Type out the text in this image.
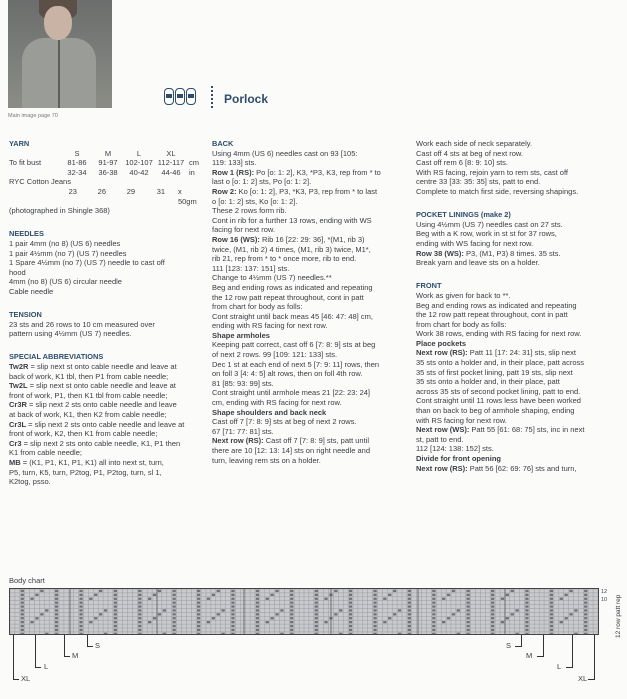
Main image page 70
Porlock
YARN
S	M	L	XL
To fit bust	81-86	91-97	102-107 112-117 cm
32-34	36-38	40-42	44-46	in
RYC Cotton Jeans
23	26	29	31	x 50gm
(photographed in Shingle 368)
NEEDLES
1 pair 4mm (no 8) (US 6) needles
1 pair 4½mm (no 7) (US 7) needles
1 Spare 4½mm (no 7) (US 7) needle to cast off
hood
4mm (no 8) (US 6) circular needle
Cable needle
TENSION
23 sts and 26 rows to 10 cm measured over
pattern using 4½mm (US 7) needles.
SPECIAL ABBREVIATIONS
Tw2R = slip next st onto cable needle and leave at
back of work, K1 tbl, then P1 from cable needle;
Tw2L = slip next st onto cable needle and leave at
front of work, P1, then K1 tbl from cable needle;
Cr3R = slip next 2 sts onto cable needle and leave
at back of work, K1, then K2 from cable needle;
Cr3L = slip next 2 sts onto cable needle and leave at
front of work, K2, then K1 from cable needle;
Cr3 = slip next 2 sts onto cable needle, K1, P1 then
K1 from cable needle;
MB = (K1, P1, K1, P1, K1) all into next st, turn,
P5, turn, K5, turn, P2tog, P1, P2tog, turn, sl 1,
K2tog, psso.
BACK
Using 4mm (US 6) needles cast on 93 [105:
119: 133] sts.
Row 1 (RS): Po [o: 1: 2], K3, *P3, K3, rep from * to
last o [o: 1: 2] sts, Po [o: 1: 2].
Row 2: Ko [o: 1: 2], P3, *K3, P3, rep from * to last
o [o: 1: 2] sts, Ko [o: 1: 2].
These 2 rows form rib.
Cont in rib for a further 13 rows, ending with WS
facing for next row.
Row 16 (WS): Rib 16 [22: 29: 36], *(M1, rib 3)
twice, (M1, rib 2) 4 times, (M1, rib 3) twice, M1*,
rib 21, rep from * to * once more, rib to end.
111 [123: 137: 151] sts.
Change to 4½mm (US 7) needles.**
Beg and ending rows as indicated and repeating
the 12 row patt repeat throughout, cont in patt
from chart for body as folls:
Cont straight until back meas 45 [46: 47: 48] cm,
ending with RS facing for next row.
Shape armholes
Keeping patt correct, cast off 6 [7: 8: 9] sts at beg
of next 2 rows. 99 [109: 121: 133] sts.
Dec 1 st at each end of next 5 [7: 9: 11] rows, then
on foll 3 [4: 4: 5] alt rows, then on foll 4th row.
81 [85: 93: 99] sts.
Cont straight until armhole meas 21 [22: 23: 24]
cm, ending with RS facing for next row.
Shape shoulders and back neck
Cast off 7 [7: 8: 9] sts at beg of next 2 rows.
67 [71: 77: 81] sts.
Next row (RS): Cast off 7 [7: 8: 9] sts, patt until
there are 10 [12: 13: 14] sts on right needle and
turn, leaving rem sts on a holder.
Work each side of neck separately.
Cast off 4 sts at beg of next row.
Cast off rem 6 [8: 9: 10] sts.
With RS facing, rejoin yarn to rem sts, cast off
centre 33 [33: 35: 35] sts, patt to end.
Complete to match first side, reversing shapings.
POCKET LININGS (make 2)
Using 4½mm (US 7) needles cast on 27 sts.
Beg with a K row, work in st st for 37 rows,
ending with WS facing for next row.
Row 38 (WS): P3, (M1, P3) 8 times. 35 sts.
Break yarn and leave sts on a holder.
FRONT
Work as given for back to **.
Beg and ending rows as indicated and repeating
the 12 row patt repeat throughout, cont in patt
from chart for body as folls:
Work 38 rows, ending with RS facing for next row.
Place pockets
Next row (RS): Patt 11 [17: 24: 31] sts, slip next
35 sts onto a holder and, in their place, patt across
35 sts of first pocket lining, patt 19 sts, slip next
35 sts onto a holder and, in their place, patt
across 35 sts of second pocket lining, patt to end.
Cont straight until 11 rows less have been worked
than on back to beg of armhole shaping, ending
with RS facing for next row.
Next row (WS): Patt 55 [61: 68: 75] sts, inc in next
st, patt to end.
112 [124: 138: 152] sts.
Divide for front opening
Next row (RS): Patt 56 [62: 69: 76] sts and turn,
Body chart
12
10 12 row patt rep
S
M
L
XL
S
M
L
XL
